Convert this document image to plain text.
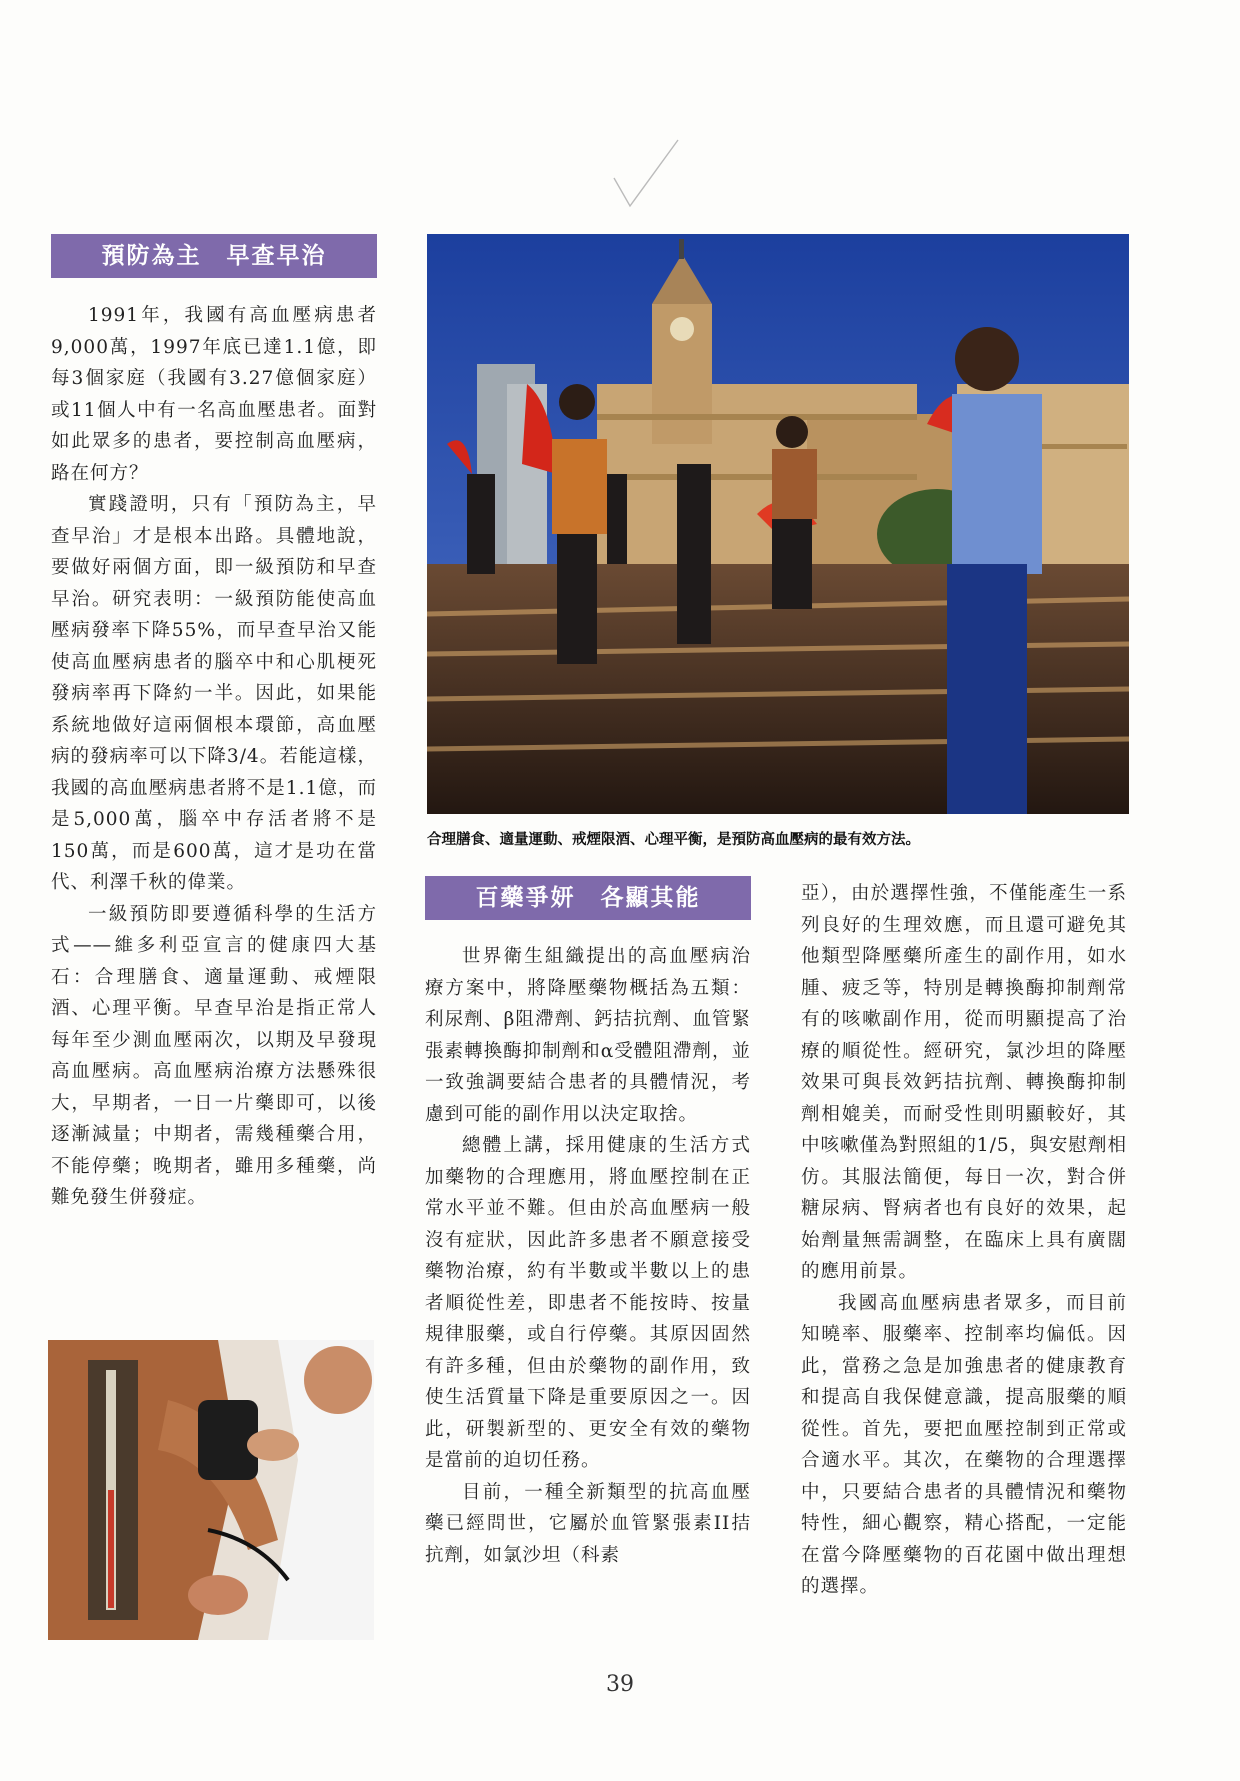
預防為主　早查早治

1991年，我國有高血壓病患者9,000萬，1997年底已達1.1億，即每3個家庭（我國有3.27億個家庭）或11個人中有一名高血壓患者。面對如此眾多的患者，要控制高血壓病，路在何方？

實踐證明，只有「預防為主，早查早治」才是根本出路。具體地說，要做好兩個方面，即一級預防和早查早治。研究表明：一級預防能使高血壓病發率下降55%，而早查早治又能使高血壓病患者的腦卒中和心肌梗死發病率再下降約一半。因此，如果能系統地做好這兩個根本環節，高血壓病的發病率可以下降3/4。若能這樣，我國的高血壓病患者將不是1.1億，而是5,000萬，腦卒中存活者將不是150萬，而是600萬，這才是功在當代、利澤千秋的偉業。

一級預防即要遵循科學的生活方式——維多利亞宣言的健康四大基石：合理膳食、適量運動、戒煙限酒、心理平衡。早查早治是指正常人每年至少測血壓兩次，以期及早發現高血壓病。高血壓病治療方法懸殊很大，早期者，一日一片藥即可，以後逐漸減量；中期者，需幾種藥合用，不能停藥；晚期者，雖用多種藥，尚難免發生併發症。

合理膳食、適量運動、戒煙限酒、心理平衡，是預防高血壓病的最有效方法。
百藥爭妍　各顯其能

世界衛生組織提出的高血壓病治療方案中，將降壓藥物概括為五類：利尿劑、β阻滯劑、鈣拮抗劑、血管緊張素轉換酶抑制劑和α受體阻滯劑，並一致強調要結合患者的具體情況，考慮到可能的副作用以決定取捨。

總體上講，採用健康的生活方式加藥物的合理應用，將血壓控制在正常水平並不難。但由於高血壓病一般沒有症狀，因此許多患者不願意接受藥物治療，約有半數或半數以上的患者順從性差，即患者不能按時、按量規律服藥，或自行停藥。其原因固然有許多種，但由於藥物的副作用，致使生活質量下降是重要原因之一。因此，研製新型的、更安全有效的藥物是當前的迫切任務。

目前，一種全新類型的抗高血壓藥已經問世，它屬於血管緊張素II拮抗劑，如氯沙坦（科素

亞），由於選擇性強，不僅能產生一系列良好的生理效應，而且還可避免其他類型降壓藥所產生的副作用，如水腫、疲乏等，特別是轉換酶抑制劑常有的咳嗽副作用，從而明顯提高了治療的順從性。經研究，氯沙坦的降壓效果可與長效鈣拮抗劑、轉換酶抑制劑相媲美，而耐受性則明顯較好，其中咳嗽僅為對照組的1/5，與安慰劑相仿。其服法簡便，每日一次，對合併糖尿病、腎病者也有良好的效果，起始劑量無需調整，在臨床上具有廣闊的應用前景。

我國高血壓病患者眾多，而目前知曉率、服藥率、控制率均偏低。因此，當務之急是加強患者的健康教育和提高自我保健意識，提高服藥的順從性。首先，要把血壓控制到正常或合適水平。其次，在藥物的合理選擇中，只要結合患者的具體情況和藥物特性，細心觀察，精心搭配，一定能在當今降壓藥物的百花園中做出理想的選擇。

39
